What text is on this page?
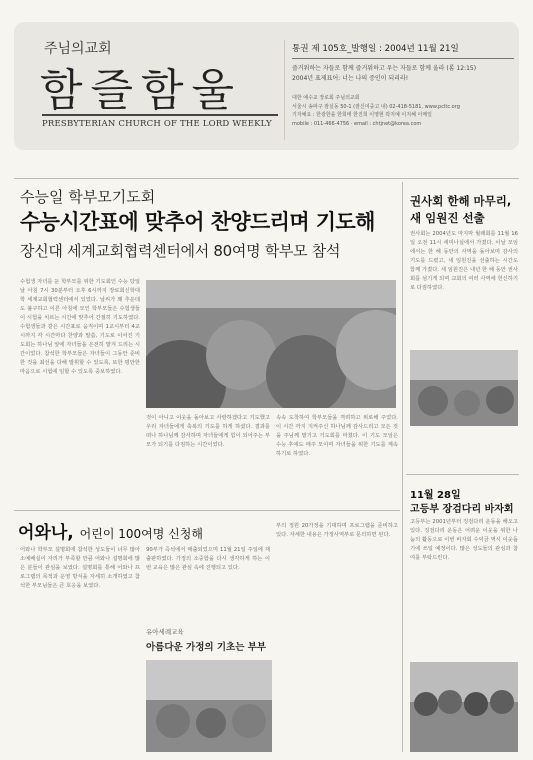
주님의교회
함즐함울
PRESBYTERIAN CHURCH OF THE LORD WEEKLY
통권 제 105호_발행일 : 2004년 11월 21일
즐거워하는 자들로 함께 즐거워하고 우는 자들로 함께 울라 (롬 12:15)
2004년 표제표어: 너는 나의 증인이 되리라!
대한 예수교 장로회 주님의교회
서울시 송파구 잠실동 50-1 (잠신여중고 내) 02-418-5181, www.pcltc.org
기자예요 : 한광한을 한희태 한진희 이영현 곽지예 이지혜 이메일
mobile : 011-466-4756 · email : chtjnet@korea.com
수능일 학부모기도회
수능시간표에 맞추어 찬양드리며 기도해
장신대 세계교회협력센터에서 80여명 학부모 참석
수험생 자녀를 둔 학부모를 위한 기도회인 수능 당일 날 아침 7시 30분부터 오후 6시까지 장로회신학대학 세계교회협력센터에서 있었다. 날씨가 꽤 추운데도 불구하고 이른 아침에 모인 학부모들은 수험생들이 시험을 치르는 시간에 맞추어 간절히 기도하였다. 수험생들과 같은 시간표로 움직이며 1교시부터 4교시까지 각 시간마다 찬양과 말씀, 기도로 이어진 기도회는 하나님 앞에 자녀들을 온전히 맡겨 드리는 시간이었다. 참석한 학부모들은 자녀들이 그동안 준비한 것을 최선을 다해 발휘할 수 있도록, 또한 평안한 마음으로 시험에 임할 수 있도록 중보하였다.
것이 아니고 이웃을 돌아보고 사랑하겠다고 기도했고 우리 자녀들에게 축복의 기도를 하게 하셨다. 결과를 떠나 하나님께 감사하며 자녀들에게 힘이 되어주는 부모가 되기를 다짐하는 시간이었다.
속속 도착하여 학부모들을 격려하고 위로해 주었다. 이 시간 까지 지켜주신 하나님께 감사드리고 모든 것을 주님께 맡기고 기도회를 마쳤다. 이 기도 모임은 수능 후에도 매주 모이며 자녀들을 위한 기도를 계속하기로 하였다.
권사회 한해 마무리, 새 임원진 선출
권사회는 2004년도 마지막 월례회를 11월 16일 오전 11시 세미나실에서 가졌다. 이날 모임에서는 한 해 동안의 사역을 돌아보며 감사의 기도를 드렸고, 새 임원진을 선출하는 시간도 함께 가졌다. 새 임원진은 내년 한 해 동안 권사회를 섬기게 되며 교회의 여러 사역에 헌신하기로 다짐하였다.
11월 28일
고등부 장검다리 바자회
고등부는 2001년부터 징검다리 운동을 해오고 있다. 징검다리 운동은 어려운 이웃을 위한 나눔의 활동으로 이번 바자회 수익금 역시 이웃돕기에 쓰일 예정이다. 많은 성도들의 관심과 참여를 부탁드린다.
어와나, 어린이 100여명 신청해
어와나 학부모 설명회에 참석한 성도들이 너무 많아 소예배실이 자리가 부족할 만큼 어와나 설명회에 많은 분들이 관심을 보였다. 설명회를 통해 어와나 프로그램의 목적과 운영 방식을 자세히 소개하였고 참석한 부모님들은 큰 호응을 보였다.
90부가 즉석에서 매출되었으며 11월 21일 주일에 재출판하였다. 가정의 소중함을 다시 생각하게 하는 이번 교육은 많은 관심 속에 진행되고 있다.
부의 정원 20가정을 기대하며 프로그램을 준비하고 있다. 자세한 내용은 가정사역부로 문의하면 된다.
유아세례교육
아름다운 가정의 기초는 부부
